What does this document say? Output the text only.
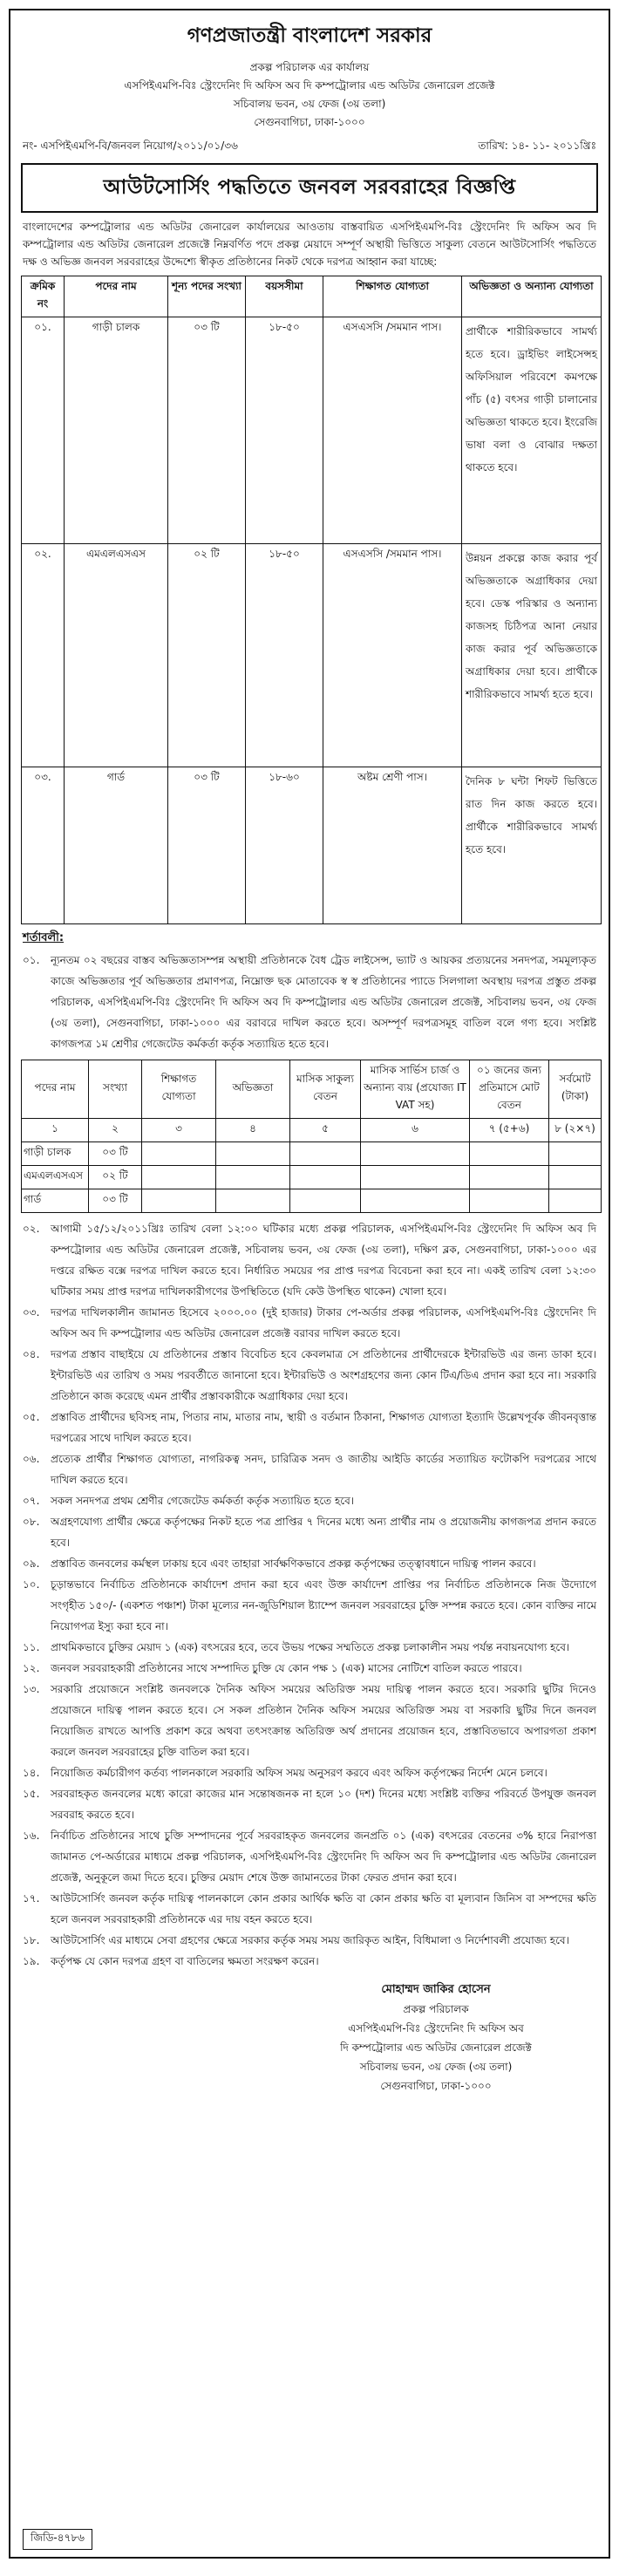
গণপ্রজাতন্ত্রী বাংলাদেশ সরকার
প্রকল্প পরিচালক এর কার্যালয়
এসপিইএমপি-বিঃ স্ট্রেংদেনিং দি অফিস অব দি কম্পট্রোলার এন্ড অডিটর জেনারেল প্রজেক্ট
সচিবালয় ভবন, ৩য় ফেজ (৩য় তলা)
সেগুনবাগিচা, ঢাকা-১০০০
নং- এসপিইএমপি-বি/জনবল নিয়োগ/২০১১/০১/৩৬	তারিখ: ১৪- ১১- ২০১১খ্রিঃ
আউটসোর্সিং পদ্ধতিতে জনবল সরবরাহের বিজ্ঞপ্তি
বাংলাদেশের কম্পট্রোলার এন্ড অডিটর জেনারেল কার্যালয়ের আওতায় বাস্তবায়িত এসপিইএমপি-বিঃ স্ট্রেংদেনিং দি অফিস অব দি কম্পট্রোলার এন্ড অডিটর জেনারেল প্রজেক্টে নিম্নবর্ণিত পদে প্রকল্প মেয়াদে সম্পূর্ণ অস্থায়ী ভিত্তিতে সাকুল্য বেতনে আউটসোর্সিং পদ্ধতিতে দক্ষ ও অভিজ্ঞ জনবল সরবরাহের উদ্দেশ্যে স্বীকৃত প্রতিষ্ঠানের নিকট থেকে দরপত্র আহ্বান করা যাচ্ছে:
ক্রমিক নং	পদের নাম	শূন্য পদের সংখ্যা	বয়সসীমা	শিক্ষাগত যোগ্যতা	অভিজ্ঞতা ও অন্যান্য যোগ্যতা
০১.	গাড়ী চালক	০৩ টি	১৮-৫০	এসএসসি /সমমান পাস।	প্রার্থীকে শারীরিকভাবে সামর্থ্য হতে হবে। ড্রাইভিং লাইসেন্সহ অফিসিয়াল পরিবেশে কমপক্ষে পাঁচ (৫) বৎসর গাড়ী চালানোর অভিজ্ঞতা থাকতে হবে। ইংরেজি ভাষা বলা ও বোঝার দক্ষতা থাকতে হবে।
০২.	এমএলএসএস	০২ টি	১৮-৫০	এসএসসি /সমমান পাস।	উন্নয়ন প্রকল্পে কাজ করার পূর্ব অভিজ্ঞতাকে অগ্রাধিকার দেয়া হবে। ডেস্ক পরিস্কার ও অন্যান্য কাজসহ চিঠিপত্র আনা নেয়ার কাজ করার পূর্ব অভিজ্ঞতাকে অগ্রাধিকার দেয়া হবে। প্রার্থীকে শারীরিকভাবে সামর্থ্য হতে হবে।
০৩.	গার্ড	০৩ টি	১৮-৬০	অষ্টম শ্রেণী পাস।	দৈনিক ৮ ঘন্টা শিফট ভিত্তিতে রাত দিন কাজ করতে হবে। প্রার্থীকে শারীরিকভাবে সামর্থ্য হতে হবে।
শর্তাবলী:
০১.	ন্যূনতম ০২ বছরের বাস্তব অভিজ্ঞতাসম্পন্ন অস্থায়ী প্রতিষ্ঠানকে বৈধ ট্রেড লাইসেন্স, ভ্যাট ও আয়কর প্রত্যয়নের সনদপত্র, সমমূল্যকৃত কাজে অভিজ্ঞতার পূর্ব অভিজ্ঞতার প্রমাণপত্র, নিম্নোক্ত ছক মোতাবেক স্ব স্ব প্রতিষ্ঠানের প্যাডে সিলগালা অবস্থায় দরপত্র প্রস্তুত প্রকল্প পরিচালক, এসপিইএমপি-বিঃ স্ট্রেংদেনিং দি অফিস অব দি কম্পট্রোলার এন্ড অডিটর জেনারেল প্রজেক্ট, সচিবালয় ভবন, ৩য় ফেজ (৩য় তলা), সেগুনবাগিচা, ঢাকা-১০০০ এর বরাবরে দাখিল করতে হবে। অসম্পূর্ণ দরপত্রসমূহ বাতিল বলে গণ্য হবে। সংশ্লিষ্ট কাগজপত্র ১ম শ্রেণীর গেজেটেড কর্মকর্তা কর্তৃক সত্যায়িত হতে হবে।
পদের নাম	সংখ্যা	শিক্ষাগত যোগ্যতা	অভিজ্ঞতা	মাসিক সাকুল্য বেতন	মাসিক সার্ভিস চার্জ ও অন্যান্য ব্যয় (প্রযোজ্য IT VAT সহ)	০১ জনের জন্য প্রতিমাসে মোট বেতন	সর্বমোট (টাকা)
১	২	৩	৪	৫	৬	৭ (৫+৬)	৮ (২×৭)
গাড়ী চালক	০৩ টি						
এমএলএসএস	০২ টি						
গার্ড	০৩ টি						
০২.	আগামী ১৫/১২/২০১১খ্রিঃ তারিখ বেলা ১২:০০ ঘটিকার মধ্যে প্রকল্প পরিচালক, এসপিইএমপি-বিঃ স্ট্রেংদেনিং দি অফিস অব দি কম্পট্রোলার এন্ড অডিটর জেনারেল প্রজেক্ট, সচিবালয় ভবন, ৩য় ফেজ (৩য় তলা), দক্ষিণ ব্লক, সেগুনবাগিচা, ঢাকা-১০০০ এর দপ্তরে রক্ষিত বক্সে দরপত্র দাখিল করতে হবে। নির্ধারিত সময়ের পর প্রাপ্ত দরপত্র বিবেচনা করা হবে না। একই তারিখ বেলা ১২:৩০ ঘটিকার সময় প্রাপ্ত দরপত্র দাখিলকারীগণের উপস্থিতিতে (যদি কেউ উপস্থিত থাকেন) খোলা হবে।
০৩.	দরপত্র দাখিলকালীন জামানত হিসেবে ২০০০.০০ (দুই হাজার) টাকার পে-অর্ডার প্রকল্প পরিচালক, এসপিইএমপি-বিঃ স্ট্রেংদেনিং দি অফিস অব দি কম্পট্রোলার এন্ড অডিটর জেনারেল প্রজেক্ট বরাবর দাখিল করতে হবে।
০৪.	দরপত্র প্রস্তাব বাছাইয়ে যে প্রতিষ্ঠানের প্রস্তাব বিবেচিত হবে কেবলমাত্র সে প্রতিষ্ঠানের প্রার্থীদেরকে ইন্টারভিউ এর জন্য ডাকা হবে। ইন্টারভিউ এর তারিখ ও সময় পরবর্তীতে জানানো হবে। ইন্টারভিউ ও অংশগ্রহণের জন্য কোন টিএ/ডিএ প্রদান করা হবে না। সরকারি প্রতিষ্ঠানে কাজ করেছে এমন প্রার্থীর প্রস্তাবকারীকে অগ্রাধিকার দেয়া হবে।
০৫.	প্রস্তাবিত প্রার্থীদের ছবিসহ নাম, পিতার নাম, মাতার নাম, স্থায়ী ও বর্তমান ঠিকানা, শিক্ষাগত যোগ্যতা ইত্যাদি উল্লেখপূর্বক জীবনবৃত্তান্ত দরপত্রের সাথে দাখিল করতে হবে।
০৬.	প্রত্যেক প্রার্থীর শিক্ষাগত যোগ্যতা, নাগরিকত্ব সনদ, চারিত্রিক সনদ ও জাতীয় আইডি কার্ডের সত্যায়িত ফটোকপি দরপত্রের সাথে দাখিল করতে হবে।
০৭.	সকল সনদপত্র প্রথম শ্রেণীর গেজেটেড কর্মকর্তা কর্তৃক সত্যায়িত হতে হবে।
০৮.	অগ্রহণযোগ্য প্রার্থীর ক্ষেত্রে কর্তৃপক্ষের নিকট হতে পত্র প্রাপ্তির ৭ দিনের মধ্যে অন্য প্রার্থীর নাম ও প্রয়োজনীয় কাগজপত্র প্রদান করতে হবে।
০৯.	প্রস্তাবিত জনবলের কর্মস্থল ঢাকায় হবে এবং তাহারা সার্বক্ষণিকভাবে প্রকল্প কর্তৃপক্ষের তত্ত্বাবধানে দায়িত্ব পালন করবে।
১০.	চূড়ান্তভাবে নির্বাচিত প্রতিষ্ঠানকে কার্যাদেশ প্রদান করা হবে এবং উক্ত কার্যাদেশ প্রাপ্তির পর নির্বাচিত প্রতিষ্ঠানকে নিজ উদ্যোগে সংগৃহীত ১৫০/- (একশত পঞ্চাশ) টাকা মূল্যের নন-জুডিশিয়াল ষ্ট্যাম্পে জনবল সরবরাহের চুক্তি সম্পন্ন করতে হবে। কোন ব্যক্তির নামে নিয়োগপত্র ইস্যু করা হবে না।
১১.	প্রাথমিকভাবে চুক্তির মেয়াদ ১ (এক) বৎসরের হবে, তবে উভয় পক্ষের সম্মতিতে প্রকল্প চলাকালীন সময় পর্যন্ত নবায়নযোগ্য হবে।
১২.	জনবল সরবরাহকারী প্রতিষ্ঠানের সাথে সম্পাদিত চুক্তি যে কোন পক্ষ ১ (এক) মাসের নোটিশে বাতিল করতে পারবে।
১৩.	সরকারি প্রয়োজনে সংশ্লিষ্ট জনবলকে দৈনিক অফিস সময়ের অতিরিক্ত সময় দায়িত্ব পালন করতে হবে। সরকারি ছুটির দিনেও প্রয়োজনে দায়িত্ব পালন করতে হবে। সে সকল প্রতিষ্ঠান দৈনিক অফিস সময়ের অতিরিক্ত সময় বা সরকারি ছুটির দিনে জনবল নিয়োজিত রাখতে আপত্তি প্রকাশ করে অথবা তৎসংক্রান্ত অতিরিক্ত অর্থ প্রদানের প্রয়োজন হবে, প্রস্তাবিতভাবে অপারগতা প্রকাশ করলে জনবল সরবরাহের চুক্তি বাতিল করা হবে।
১৪.	নিয়োজিত কর্মচারীগণ কর্তব্য পালনকালে সরকারি অফিস সময় অনুসরণ করবে এবং অফিস কর্তৃপক্ষের নির্দেশ মেনে চলবে।
১৫.	সরবরাহকৃত জনবলের মধ্যে কারো কাজের মান সন্তোষজনক না হলে ১০ (দশ) দিনের মধ্যে সংশ্লিষ্ট ব্যক্তির পরিবর্তে উপযুক্ত জনবল সরবরাহ করতে হবে।
১৬.	নির্বাচিত প্রতিষ্ঠানের সাথে চুক্তি সম্পাদনের পূর্বে সরবরাহকৃত জনবলের জনপ্রতি ০১ (এক) বৎসরের বেতনের ৩% হারে নিরাপত্তা জামানত পে-অর্ডারের মাধ্যমে প্রকল্প পরিচালক, এসপিইএমপি-বিঃ স্ট্রেংদেনিং দি অফিস অব দি কম্পট্রোলার এন্ড অডিটর জেনারেল প্রজেক্ট, অনুকূলে জমা দিতে হবে। চুক্তির মেয়াদ শেষে উক্ত জামানতের টাকা ফেরত প্রদান করা হবে।
১৭.	আউটসোর্সিং জনবল কর্তৃক দায়িত্ব পালনকালে কোন প্রকার আর্থিক ক্ষতি বা কোন প্রকার ক্ষতি বা মূল্যবান জিনিস বা সম্পদের ক্ষতি হলে জনবল সরবরাহকারী প্রতিষ্ঠানকে এর দায় বহন করতে হবে।
১৮.	আউটসোর্সিং এর মাধ্যমে সেবা গ্রহণের ক্ষেত্রে সরকার কর্তৃক সময় সময় জারিকৃত আইন, বিধিমালা ও নির্দেশাবলী প্রযোজ্য হবে।
১৯.	কর্তৃপক্ষ যে কোন দরপত্র গ্রহণ বা বাতিলের ক্ষমতা সংরক্ষণ করেন।
মোহাম্মদ জাকির হোসেন
প্রকল্প পরিচালক
এসপিইএমপি-বিঃ স্ট্রেংদেনিং দি অফিস অব
দি কম্পট্রোলার এন্ড অডিটর জেনারেল প্রজেক্ট
সচিবালয় ভবন, ৩য় ফেজ (৩য় তলা)
সেগুনবাগিচা, ঢাকা-১০০০
জিডি-৪৭৮৬
